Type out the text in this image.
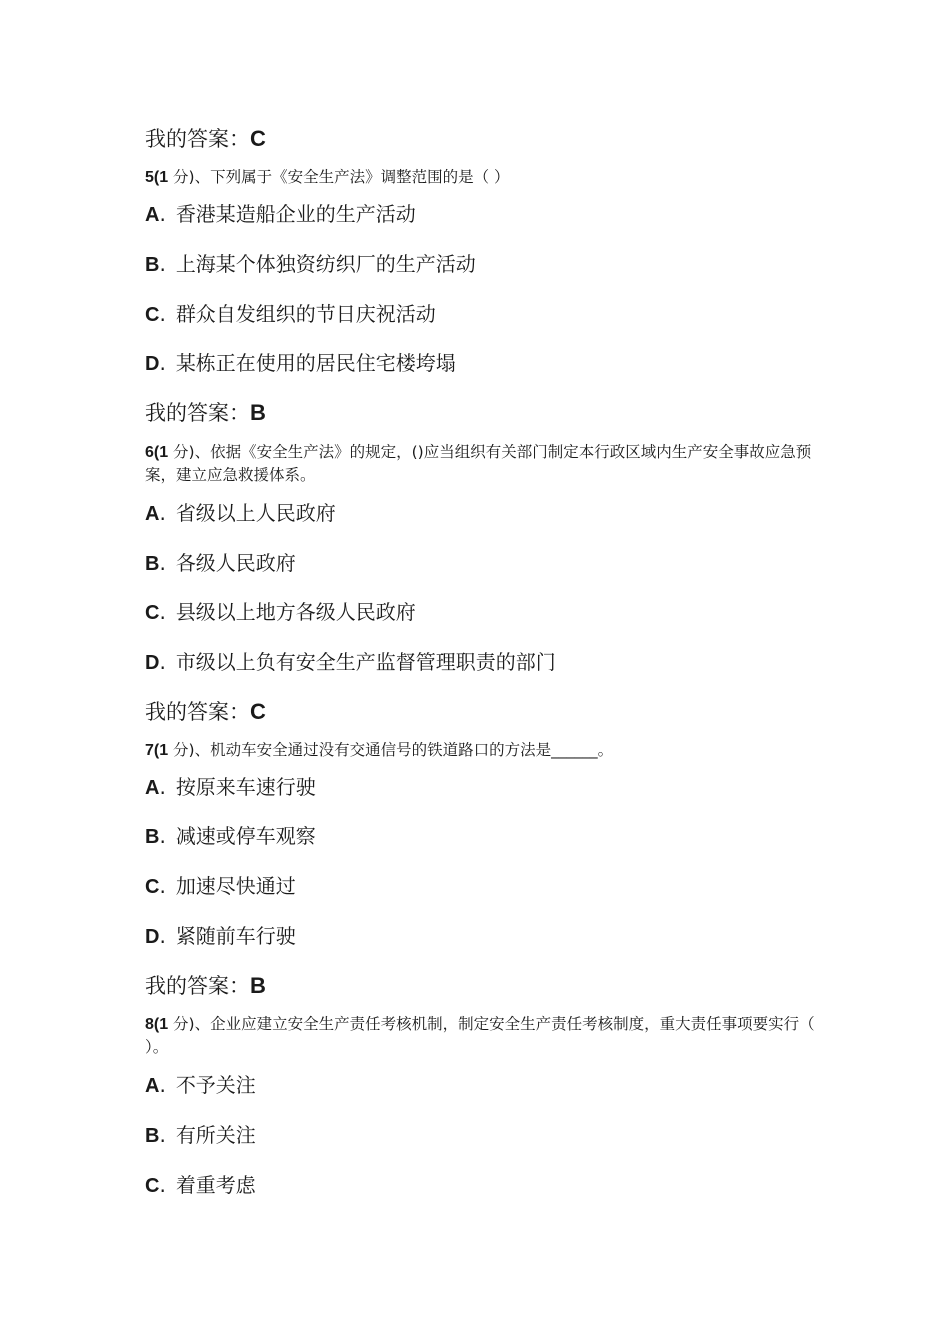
我的答案：C
5(1 分)、下列属于《安全生产法》调整范围的是（ ）
A. 香港某造船企业的生产活动
B. 上海某个体独资纺织厂的生产活动
C. 群众自发组织的节日庆祝活动
D. 某栋正在使用的居民住宅楼垮塌
我的答案：B
6(1 分)、依据《安全生产法》的规定，()应当组织有关部门制定本行政区域内生产安全事故应急预案，建立应急救援体系。
A. 省级以上人民政府
B. 各级人民政府
C. 县级以上地方各级人民政府
D. 市级以上负有安全生产监督管理职责的部门
我的答案：C
7(1 分)、机动车安全通过没有交通信号的铁道路口的方法是______。
A. 按原来车速行驶
B. 减速或停车观察
C. 加速尽快通过
D. 紧随前车行驶
我的答案：B
8(1 分)、企业应建立安全生产责任考核机制，制定安全生产责任考核制度，重大责任事项要实行（ ）。
A. 不予关注
B. 有所关注
C. 着重考虑
